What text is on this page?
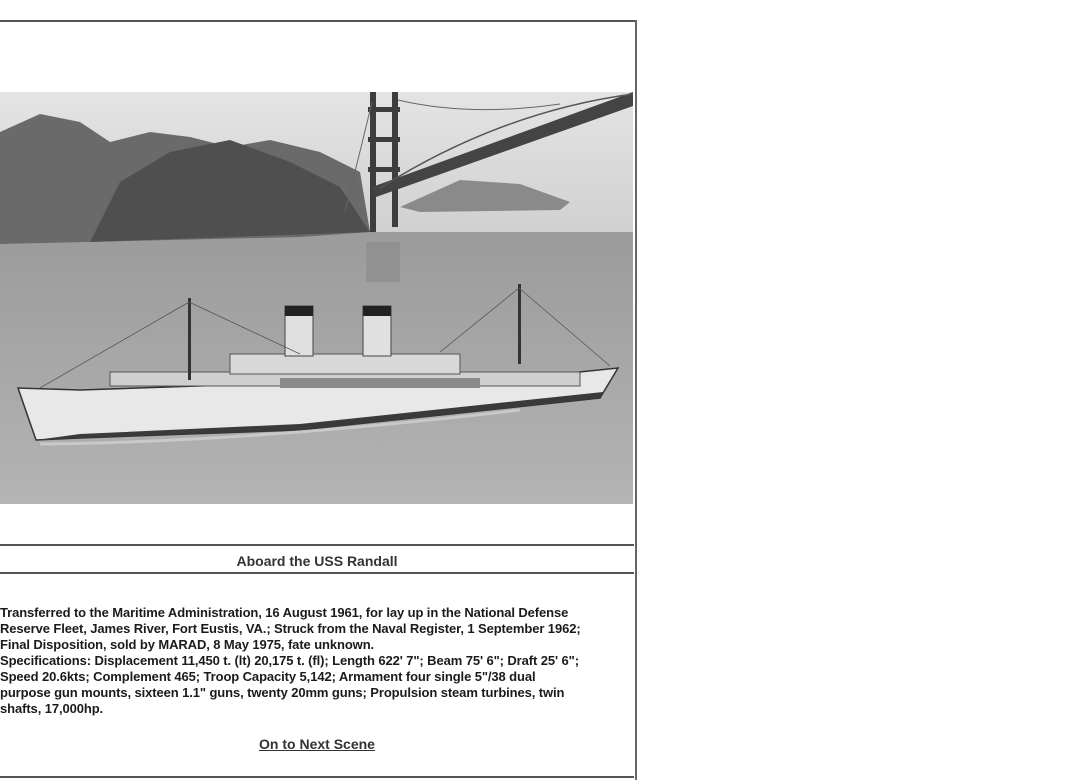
Aboard the USS Randall
Transferred to the Maritime Administration, 16 August 1961, for lay up in the National Defense
Reserve Fleet, James River, Fort Eustis, VA.; Struck from the Naval Register, 1 September 1962;
Final Disposition, sold by MARAD, 8 May 1975, fate unknown.
Specifications: Displacement 11,450 t. (lt) 20,175 t. (fl); Length 622' 7"; Beam 75' 6"; Draft 25' 6";
Speed 20.6kts; Complement 465; Troop Capacity 5,142; Armament four single 5"/38 dual
purpose gun mounts, sixteen 1.1" guns, twenty 20mm guns; Propulsion steam turbines, twin
shafts, 17,000hp.
On to Next Scene
